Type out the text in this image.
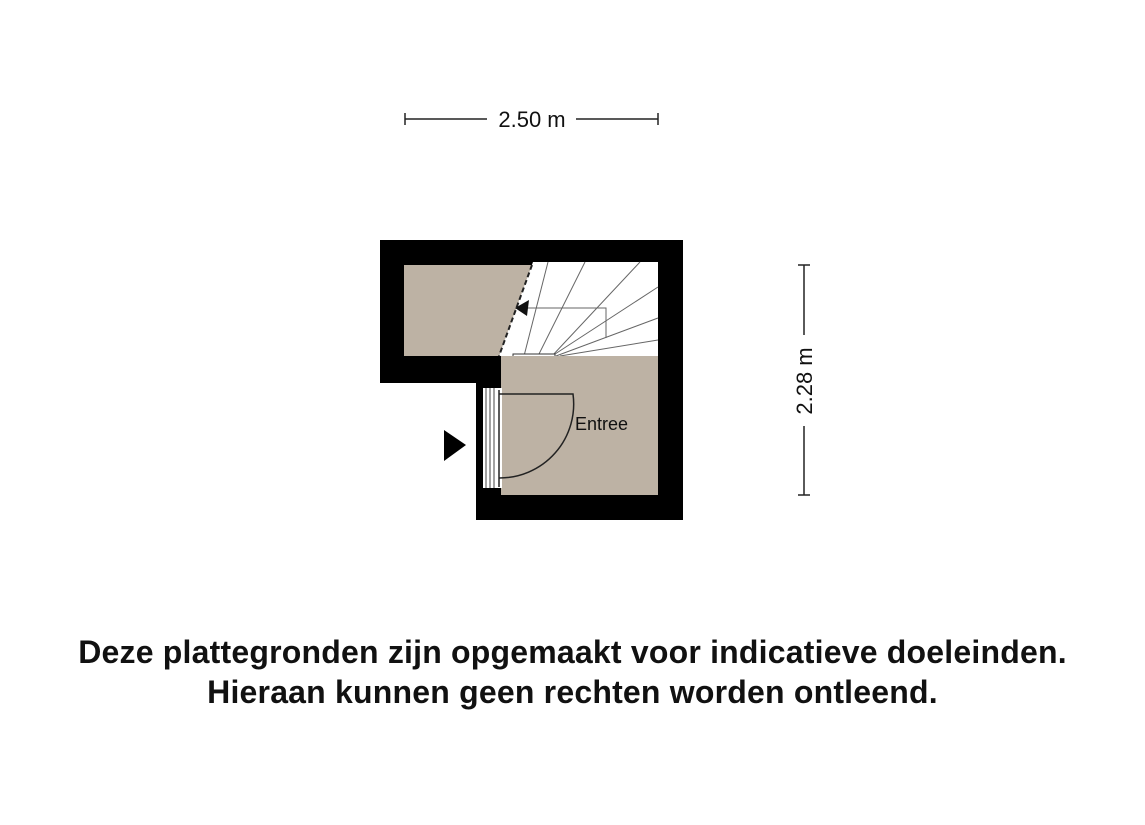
2.50 m
2.28 m
Entree
Deze plattegronden zijn opgemaakt voor indicatieve doeleinden.
Hieraan kunnen geen rechten worden ontleend.
